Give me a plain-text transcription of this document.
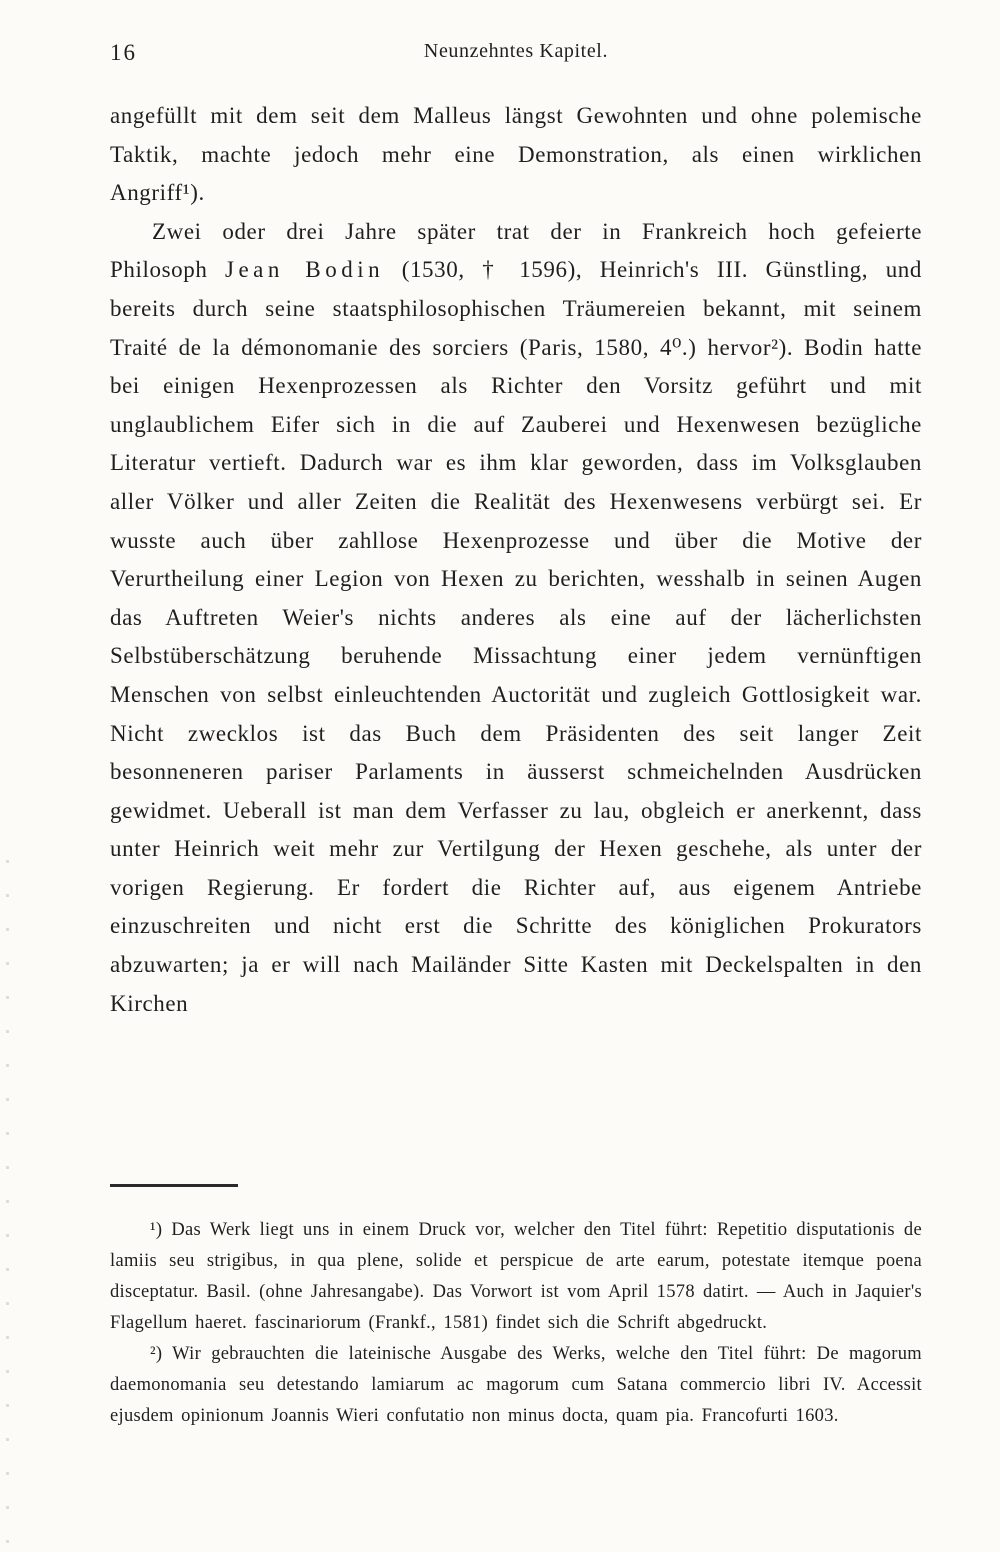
16	Neunzehntes Kapitel.

angefüllt mit dem seit dem Malleus längst Gewohnten und ohne polemische Taktik, machte jedoch mehr eine Demonstration, als einen wirklichen Angriff¹).

Zwei oder drei Jahre später trat der in Frankreich hoch gefeierte Philosoph Jean Bodin (1530, † 1596), Heinrich's III. Günstling, und bereits durch seine staatsphilosophischen Träumereien bekannt, mit seinem Traité de la démonomanie des sorciers (Paris, 1580, 4⁰.) hervor²). Bodin hatte bei einigen Hexenprozessen als Richter den Vorsitz geführt und mit unglaublichem Eifer sich in die auf Zauberei und Hexenwesen bezügliche Literatur vertieft. Dadurch war es ihm klar geworden, dass im Volksglauben aller Völker und aller Zeiten die Realität des Hexenwesens verbürgt sei. Er wusste auch über zahllose Hexenprozesse und über die Motive der Verurtheilung einer Legion von Hexen zu berichten, wesshalb in seinen Augen das Auftreten Weier's nichts anderes als eine auf der lächerlichsten Selbstüberschätzung beruhende Missachtung einer jedem vernünftigen Menschen von selbst einleuchtenden Auctorität und zugleich Gottlosigkeit war. Nicht zwecklos ist das Buch dem Präsidenten des seit langer Zeit besonneneren pariser Parlaments in äusserst schmeichelnden Ausdrücken gewidmet. Ueberall ist man dem Verfasser zu lau, obgleich er anerkennt, dass unter Heinrich weit mehr zur Vertilgung der Hexen geschehe, als unter der vorigen Regierung. Er fordert die Richter auf, aus eigenem Antriebe einzuschreiten und nicht erst die Schritte des königlichen Prokurators abzuwarten; ja er will nach Mailänder Sitte Kasten mit Deckelspalten in den Kirchen

¹) Das Werk liegt uns in einem Druck vor, welcher den Titel führt: Repetitio disputationis de lamiis seu strigibus, in qua plene, solide et perspicue de arte earum, potestate itemque poena disceptatur. Basil. (ohne Jahresangabe). Das Vorwort ist vom April 1578 datirt. — Auch in Jaquier's Flagellum haeret. fascinariorum (Frankf., 1581) findet sich die Schrift abgedruckt.

²) Wir gebrauchten die lateinische Ausgabe des Werks, welche den Titel führt: De magorum daemonomania seu detestando lamiarum ac magorum cum Satana commercio libri IV. Accessit ejusdem opinionum Joannis Wieri confutatio non minus docta, quam pia. Francofurti 1603.
